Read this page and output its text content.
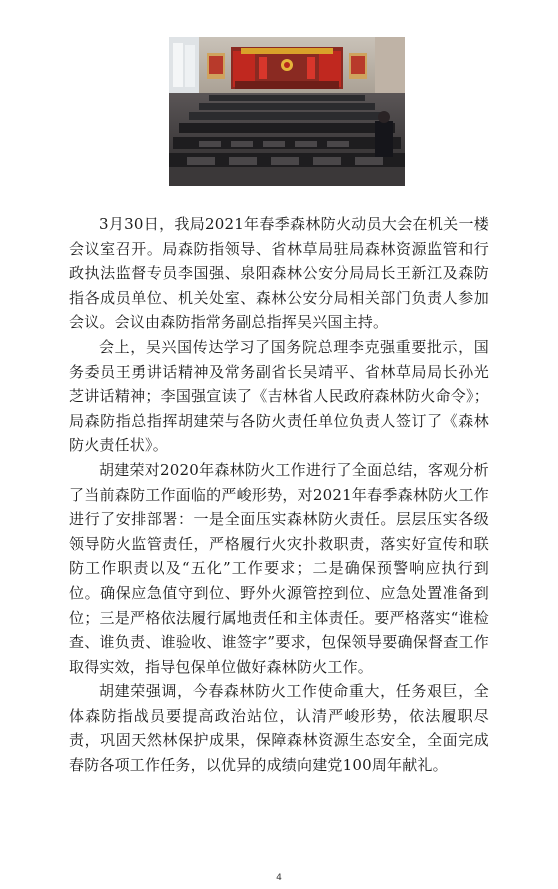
3月30日，我局2021年春季森林防火动员大会在机关一楼会议室召开。局森防指领导、省林草局驻局森林资源监管和行政执法监督专员李国强、泉阳森林公安分局局长王新江及森防指各成员单位、机关处室、森林公安分局相关部门负责人参加会议。会议由森防指常务副总指挥吴兴国主持。

会上，吴兴国传达学习了国务院总理李克强重要批示，国务委员王勇讲话精神及常务副省长吴靖平、省林草局局长孙光芝讲话精神；李国强宣读了《吉林省人民政府森林防火命令》；局森防指总指挥胡建荣与各防火责任单位负责人签订了《森林防火责任状》。

胡建荣对2020年森林防火工作进行了全面总结，客观分析了当前森防工作面临的严峻形势，对2021年春季森林防火工作进行了安排部署：一是全面压实森林防火责任。层层压实各级领导防火监管责任，严格履行火灾扑救职责，落实好宣传和联防工作职责以及“五化”工作要求；二是确保预警响应执行到位。确保应急值守到位、野外火源管控到位、应急处置准备到位；三是严格依法履行属地责任和主体责任。要严格落实“谁检查、谁负责、谁验收、谁签字”要求，包保领导要确保督查工作取得实效，指导包保单位做好森林防火工作。

胡建荣强调，今春森林防火工作使命重大，任务艰巨，全体森防指战员要提高政治站位，认清严峻形势，依法履职尽责，巩固天然林保护成果，保障森林资源生态安全，全面完成春防各项工作任务，以优异的成绩向建党100周年献礼。

4
